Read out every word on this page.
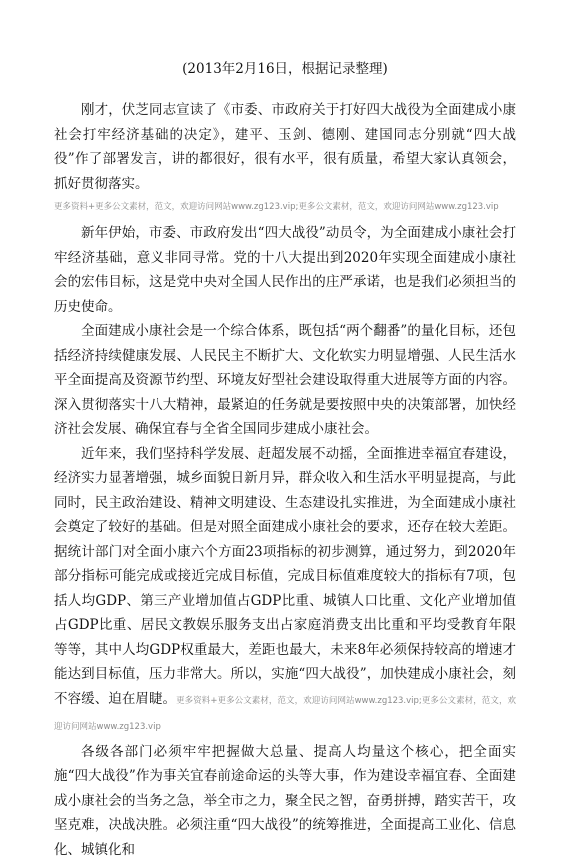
(2013年2月16日，根据记录整理)

刚才，伏芝同志宣读了《市委、市政府关于打好四大战役为全面建成小康社会打牢经济基础的决定》，建平、玉剑、德刚、建国同志分别就“四大战役”作了部署发言，讲的都很好，很有水平，很有质量，希望大家认真领会，抓好贯彻落实。

更多资料+更多公文素材，范文，欢迎访问网站www.zg123.vip;更多公文素材，范文，欢迎访问网站www.zg123.vip

新年伊始，市委、市政府发出“四大战役”动员令，为全面建成小康社会打牢经济基础，意义非同寻常。党的十八大提出到2020年实现全面建成小康社会的宏伟目标，这是党中央对全国人民作出的庄严承诺，也是我们必须担当的历史使命。

全面建成小康社会是一个综合体系，既包括“两个翻番”的量化目标，还包括经济持续健康发展、人民民主不断扩大、文化软实力明显增强、人民生活水平全面提高及资源节约型、环境友好型社会建设取得重大进展等方面的内容。深入贯彻落实十八大精神，最紧迫的任务就是要按照中央的决策部署，加快经济社会发展、确保宜春与全省全国同步建成小康社会。

近年来，我们坚持科学发展、赶超发展不动摇，全面推进幸福宜春建设，经济实力显著增强，城乡面貌日新月异，群众收入和生活水平明显提高，与此同时，民主政治建设、精神文明建设、生态建设扎实推进，为全面建成小康社会奠定了较好的基础。但是对照全面建成小康社会的要求，还存在较大差距。据统计部门对全面小康六个方面23项指标的初步测算，通过努力，到2020年部分指标可能完成或接近完成目标值，完成目标值难度较大的指标有7项，包括人均GDP、第三产业增加值占GDP比重、城镇人口比重、文化产业增加值占GDP比重、居民文教娱乐服务支出占家庭消费支出比重和平均受教育年限等等，其中人均GDP权重最大，差距也最大，未来8年必须保持较高的增速才能达到目标值，压力非常大。所以，实施“四大战役”，加快建成小康社会，刻不容缓、迫在眉睫。更多资料+更多公文素材，范文，欢迎访问网站www.zg123.vip;更多公文素材，范文，欢迎访问网站www.zg123.vip

各级各部门必须牢牢把握做大总量、提高人均量这个核心，把全面实施“四大战役”作为事关宜春前途命运的头等大事，作为建设幸福宜春、全面建成小康社会的当务之急，举全市之力，聚全民之智，奋勇拼搏，踏实苦干，攻坚克难，决战决胜。必须注重“四大战役”的统筹推进，全面提高工业化、信息化、城镇化和
